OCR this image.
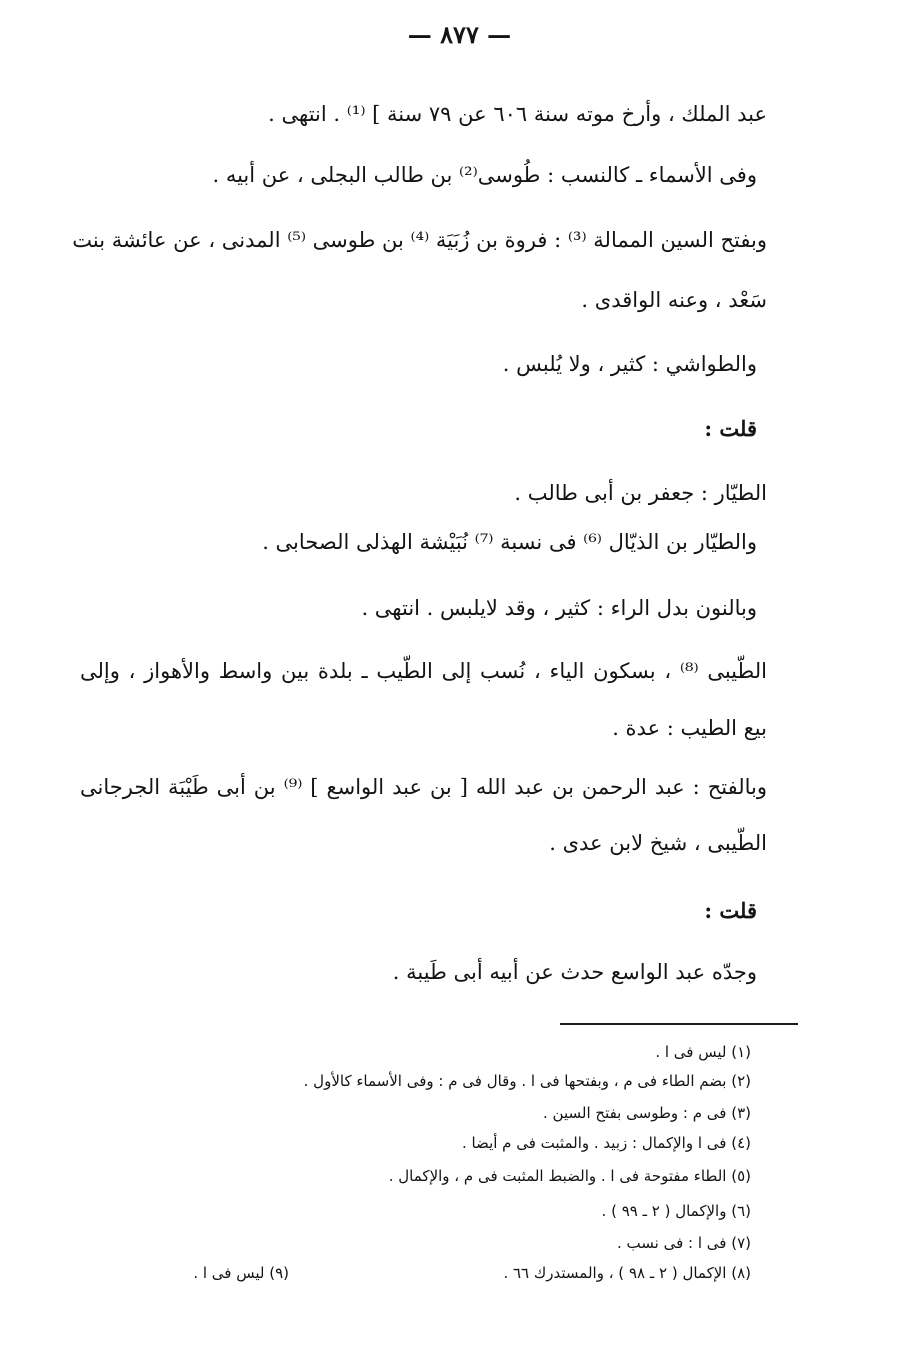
— ٨٧٧ —
عبد الملك ، وأرخ موته سنة ٦٠٦ عن ٧٩ سنة ] ⁽¹⁾ . انتهى .
وفى الأسماء ـ كالنسب : طُوسى⁽²⁾ بن طالب البجلى ، عن أبيه .
وبفتح السين الممالة ⁽³⁾ : فروة بن زُبَيَة ⁽⁴⁾ بن طوسى ⁽⁵⁾ المدنى ، عن عائشة بنت
سَعْد ، وعنه الواقدى .
والطواشي : كثير ، ولا يُلبس .
قلت :
الطيّار : جعفر بن أبى طالب .
والطيّار بن الذيّال ⁽⁶⁾ فى نسبة ⁽⁷⁾ نُبَيْشة الهذلى الصحابى .
وبالنون بدل الراء : كثير ، وقد لايلبس . انتهى .
الطّيبى ⁽⁸⁾ ، بسكون الياء ، نُسب إلى الطّيب ـ بلدة بين واسط والأهواز ، وإلى
بيع الطيب : عدة .
وبالفتح : عبد الرحمن بن عبد الله [ بن عبد الواسع ] ⁽⁹⁾ بن أبى طَيْبَة الجرجانى
الطّيبى ، شيخ لابن عدى .
قلت :
وجدّه عبد الواسع حدث عن أبيه أبى طَيبة .
(١) ليس فى ا .
(٢) بضم الطاء فى م ، وبفتحها فى ا . وقال فى م : وفى الأسماء كالأول .
(٣) فى م : وطوسى بفتح السين .
(٤) فى ا والإكمال : زبيد . والمثبت فى م أيضا .
(٥) الطاء مفتوحة فى ا . والضبط المثبت فى م ، والإكمال .
(٦) والإكمال ( ٢ ـ ٩٩ ) .
(٧) فى ا : فى نسب .
(٨) الإكمال ( ٢ ـ ٩٨ ) ، والمستدرك ٦٦ .
(٩) ليس فى ا .
